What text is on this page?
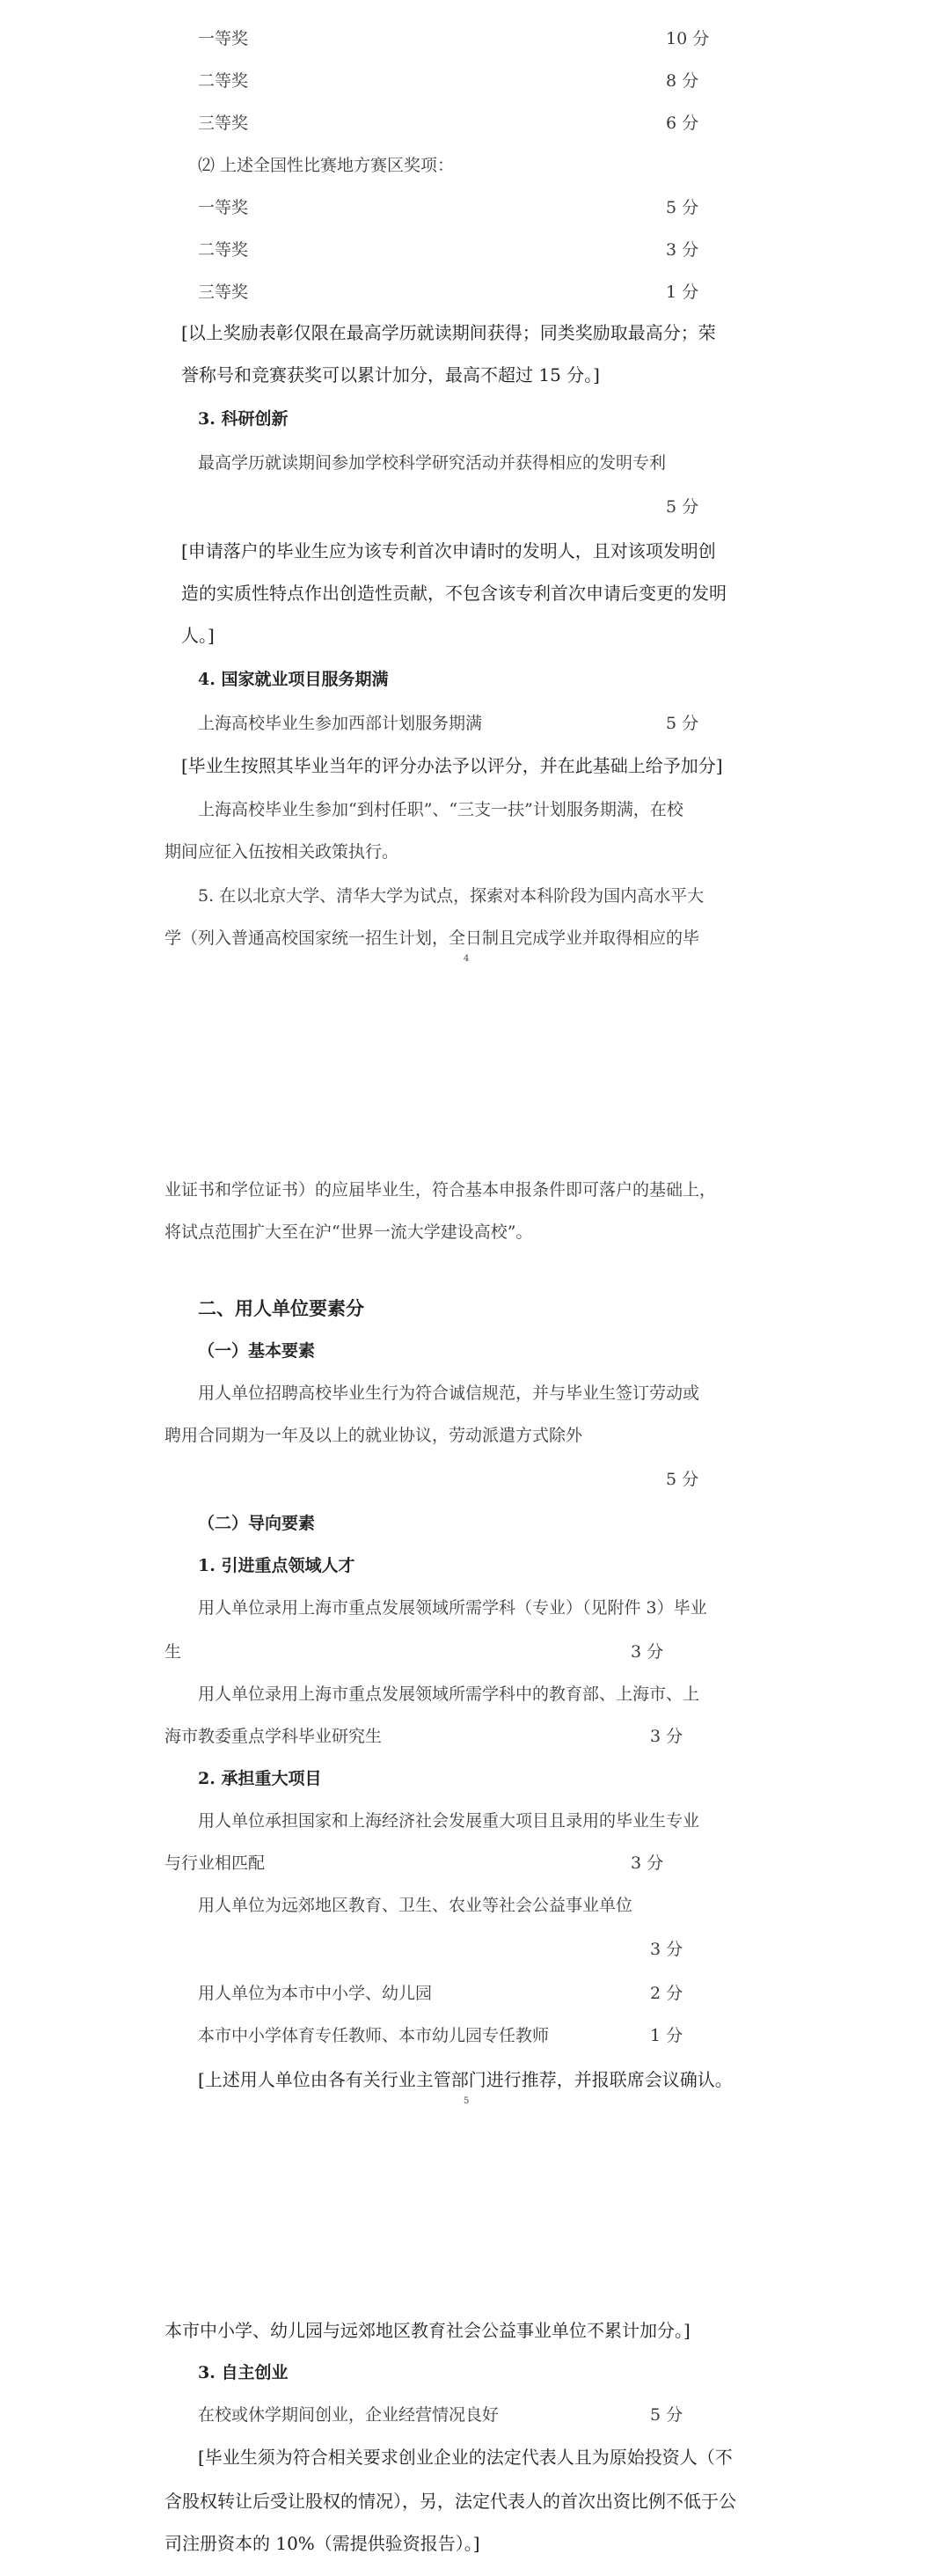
一等奖	10 分
二等奖	8 分
三等奖	6 分
⑵ 上述全国性比赛地方赛区奖项：
一等奖	5 分
二等奖	3 分
三等奖	1 分
[以上奖励表彰仅限在最高学历就读期间获得；同类奖励取最高分；荣
誉称号和竞赛获奖可以累计加分，最高不超过 15 分。]
3. 科研创新
最高学历就读期间参加学校科学研究活动并获得相应的发明专利
5 分
[申请落户的毕业生应为该专利首次申请时的发明人，且对该项发明创
造的实质性特点作出创造性贡献，不包含该专利首次申请后变更的发明
人。]
4. 国家就业项目服务期满
上海高校毕业生参加西部计划服务期满	5 分
[毕业生按照其毕业当年的评分办法予以评分，并在此基础上给予加分]
上海高校毕业生参加“到村任职”、“三支一扶”计划服务期满，在校
期间应征入伍按相关政策执行。
5. 在以北京大学、清华大学为试点，探索对本科阶段为国内高水平大
学（列入普通高校国家统一招生计划，全日制且完成学业并取得相应的毕
4
业证书和学位证书）的应届毕业生，符合基本申报条件即可落户的基础上，
将试点范围扩大至在沪“世界一流大学建设高校”。
二、用人单位要素分
（一）基本要素
用人单位招聘高校毕业生行为符合诚信规范，并与毕业生签订劳动或
聘用合同期为一年及以上的就业协议，劳动派遣方式除外
5 分
（二）导向要素
1. 引进重点领域人才
用人单位录用上海市重点发展领域所需学科（专业）（见附件 3）毕业
生	3 分
用人单位录用上海市重点发展领域所需学科中的教育部、上海市、上
海市教委重点学科毕业研究生	3 分
2. 承担重大项目
用人单位承担国家和上海经济社会发展重大项目且录用的毕业生专业
与行业相匹配	3 分
用人单位为远郊地区教育、卫生、农业等社会公益事业单位
3 分
用人单位为本市中小学、幼儿园	2 分
本市中小学体育专任教师、本市幼儿园专任教师	1 分
[上述用人单位由各有关行业主管部门进行推荐，并报联席会议确认。
5
本市中小学、幼儿园与远郊地区教育社会公益事业单位不累计加分。]
3. 自主创业
在校或休学期间创业，企业经营情况良好	5 分
[毕业生须为符合相关要求创业企业的法定代表人且为原始投资人（不
含股权转让后受让股权的情况），另，法定代表人的首次出资比例不低于公
司注册资本的 10%（需提供验资报告）。]
